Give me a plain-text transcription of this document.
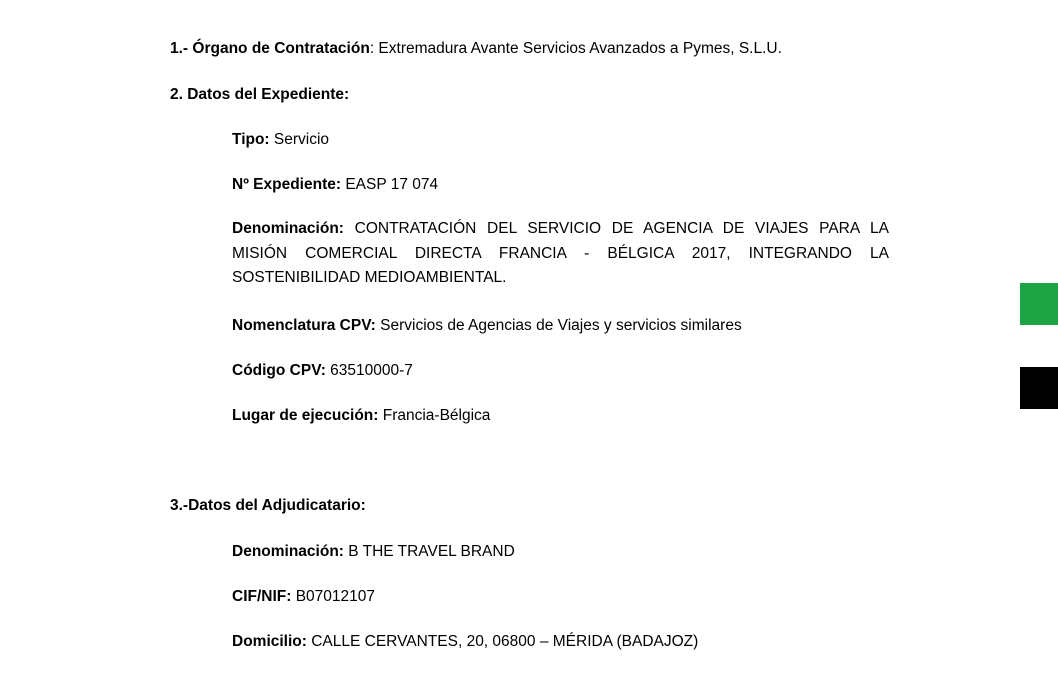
1.- Órgano de Contratación: Extremadura Avante Servicios Avanzados a Pymes, S.L.U.
2. Datos del Expediente:
Tipo: Servicio
Nº Expediente: EASP 17 074
Denominación: CONTRATACIÓN DEL SERVICIO DE AGENCIA DE VIAJES PARA LA MISIÓN COMERCIAL DIRECTA FRANCIA - BÉLGICA 2017, INTEGRANDO LA SOSTENIBILIDAD MEDIOAMBIENTAL.
Nomenclatura CPV: Servicios de Agencias de Viajes y servicios similares
Código CPV: 63510000-7
Lugar de ejecución: Francia-Bélgica
3.-Datos del Adjudicatario:
Denominación: B THE TRAVEL BRAND
CIF/NIF: B07012107
Domicilio: CALLE CERVANTES, 20, 06800 – MÉRIDA (BADAJOZ)
